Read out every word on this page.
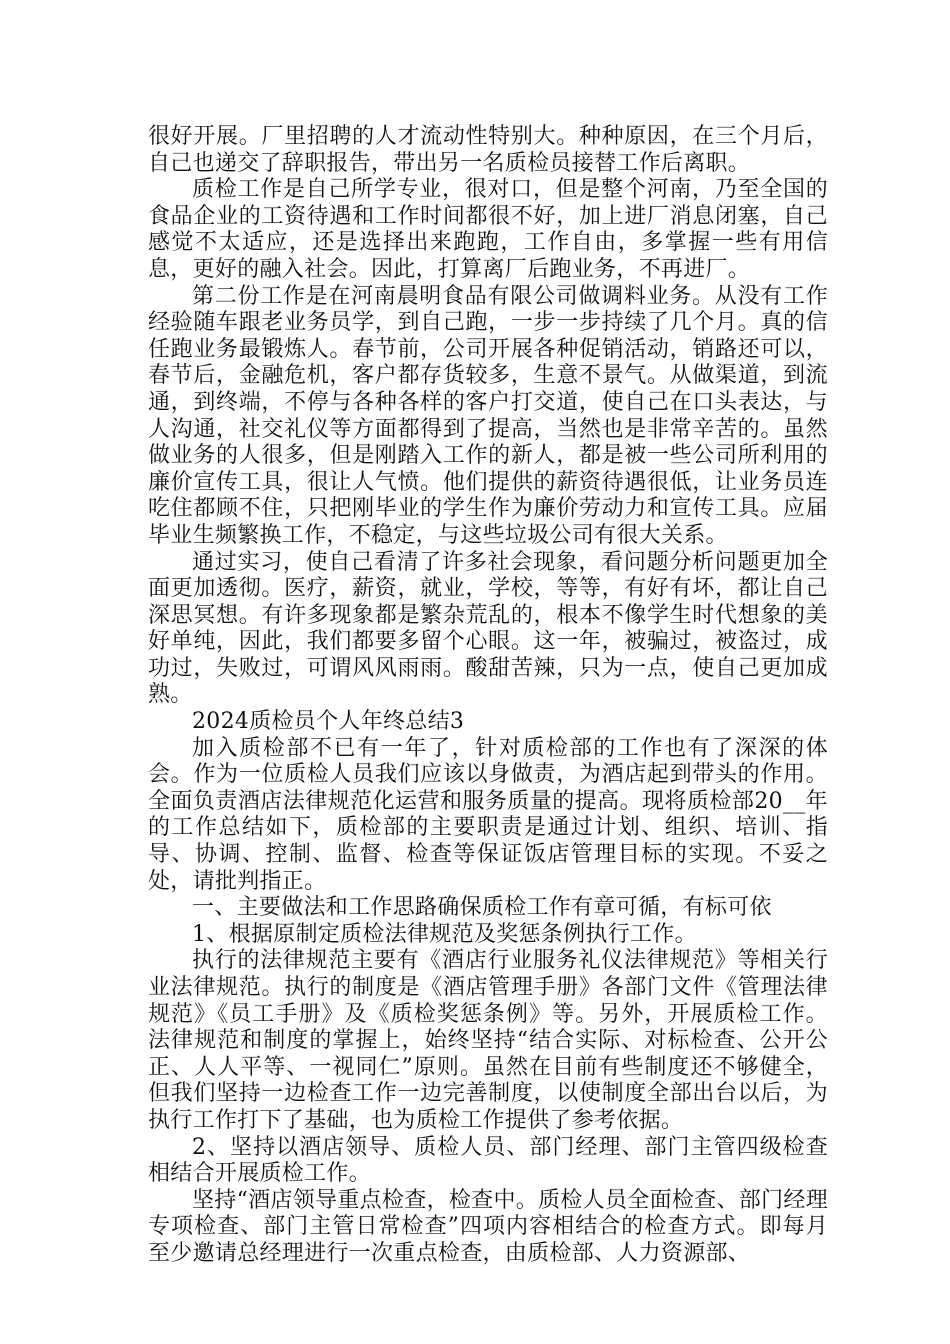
很好开展。厂里招聘的人才流动性特别大。种种原因，在三个月后，自己也递交了辞职报告，带出另一名质检员接替工作后离职。

质检工作是自己所学专业，很对口，但是整个河南，乃至全国的食品企业的工资待遇和工作时间都很不好，加上进厂消息闭塞，自己感觉不太适应，还是选择出来跑跑，工作自由，多掌握一些有用信息，更好的融入社会。因此，打算离厂后跑业务，不再进厂。

第二份工作是在河南晨明食品有限公司做调料业务。从没有工作经验随车跟老业务员学，到自己跑，一步一步持续了几个月。真的信任跑业务最锻炼人。春节前，公司开展各种促销活动，销路还可以，春节后，金融危机，客户都存货较多，生意不景气。从做渠道，到流通，到终端，不停与各种各样的客户打交道，使自己在口头表达，与人沟通，社交礼仪等方面都得到了提高，当然也是非常辛苦的。虽然做业务的人很多，但是刚踏入工作的新人，都是被一些公司所利用的廉价宣传工具，很让人气愤。他们提供的薪资待遇很低，让业务员连吃住都顾不住，只把刚毕业的学生作为廉价劳动力和宣传工具。应届毕业生频繁换工作，不稳定，与这些垃圾公司有很大关系。

通过实习，使自己看清了许多社会现象，看问题分析问题更加全面更加透彻。医疗，薪资，就业，学校，等等，有好有坏，都让自己深思冥想。有许多现象都是繁杂荒乱的，根本不像学生时代想象的美好单纯，因此，我们都要多留个心眼。这一年，被骗过，被盗过，成功过，失败过，可谓风风雨雨。酸甜苦辣，只为一点，使自己更加成熟。

2024质检员个人年终总结3

加入质检部不已有一年了，针对质检部的工作也有了深深的体会。作为一位质检人员我们应该以身做责，为酒店起到带头的作用。全面负责酒店法律规范化运营和服务质量的提高。现将质检部20__年的工作总结如下，质检部的主要职责是通过计划、组织、培训、指导、协调、控制、监督、检查等保证饭店管理目标的实现。不妥之处，请批判指正。

一、主要做法和工作思路确保质检工作有章可循，有标可依

1、根据原制定质检法律规范及奖惩条例执行工作。

执行的法律规范主要有《酒店行业服务礼仪法律规范》等相关行业法律规范。执行的制度是《酒店管理手册》各部门文件《管理法律规范》《员工手册》及《质检奖惩条例》等。另外，开展质检工作。法律规范和制度的掌握上，始终坚持“结合实际、对标检查、公开公正、人人平等、一视同仁”原则。虽然在目前有些制度还不够健全，但我们坚持一边检查工作一边完善制度，以使制度全部出台以后，为执行工作打下了基础，也为质检工作提供了参考依据。

2、坚持以酒店领导、质检人员、部门经理、部门主管四级检查相结合开展质检工作。

坚持“酒店领导重点检查，检查中。质检人员全面检查、部门经理专项检查、部门主管日常检查”四项内容相结合的检查方式。即每月至少邀请总经理进行一次重点检查，由质检部、人力资源部、
